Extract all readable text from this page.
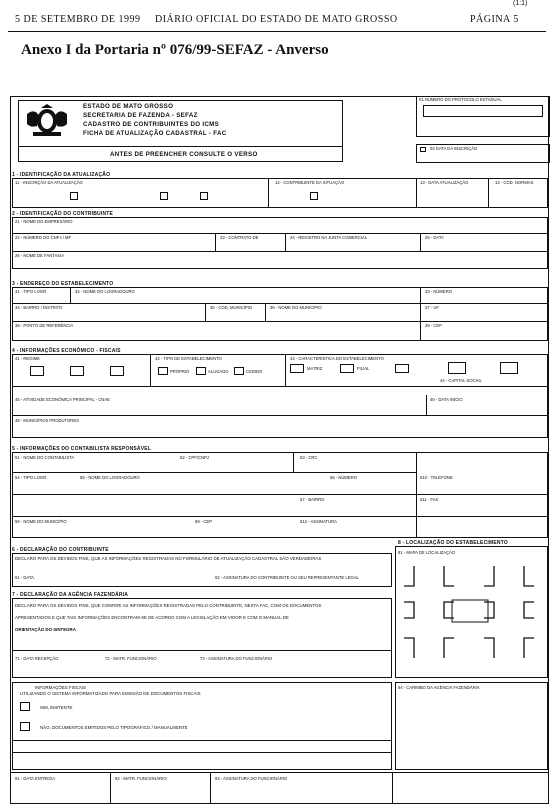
(1:1)
5 DE SETEMBRO DE 1999 DIÁRIO OFICIAL DO ESTADO DE MATO GROSSO	PÁGINA 5
Anexo I da Portaria nº 076/99-SEFAZ - Anverso
ESTADO DE MATO GROSSO
SECRETARIA DE FAZENDA - SEFAZ
CADASTRO DE CONTRIBUINTES DO ICMS
FICHA DE ATUALIZAÇÃO CADASTRAL - FAC
ANTES DE PREENCHER CONSULTE O VERSO
01 NÚMERO DO PROTOCOLO ESTADUAL
02 DATA DA INSCRIÇÃO
1 - IDENTIFICAÇÃO DA ATUALIZAÇÃO
11 - INSCRIÇÃO DA ATUALIZAÇÃO	12 - CONTRIBUINTE DA SITUAÇÃO	13 - DATA ATUALIZAÇÃO	14 - CÓD. NORMAS
2 - IDENTIFICAÇÃO DO CONTRIBUINTE
21 - NOME DO EMPRESÁRIO
22 - NÚMERO DO CNPJ / MF	23 - CONTRATO DE	24 - REGISTRO NA JUNTA COMERCIAL	25 - DATA
26 - NOME DE FANTASIA
3 - ENDEREÇO DO ESTABELECIMENTO
31 - TIPO LOGR.	32 - NOME DO LOGRADOURO	33 - NÚMERO
34 - BAIRRO / DISTRITO	35 - COD. MUNICÍPIO	36 - NOME DO MUNICÍPIO	37 - UF
38 - PONTO DE REFERÊNCIA	39 - CEP
4 - INFORMAÇÕES ECONÔMICO - FISCAIS
41 - REGIME	42 - TIPO DE ESTABELECIMENTO	43 - CARACTERÍSTICA DO ESTABELECIMENTO
PRÓPRIO	ALUGADO	CEDIDO
MATRIZ	FILIAL
44 - CAPITAL SOCIAL
45 - ATIVIDADE ECONÔMICA PRINCIPAL - CNAE	46 - DATA INÍCIO
48 - MUNICÍPIOS PRODUTORES
5 - INFORMAÇÕES DO CONTABILISTA RESPONSÁVEL
51 - NOME DO CONTABILISTA	52 - CPF/CNPJ	53 - CRC
54 - TIPO LOGR.	55 - NOME DO LOGRADOURO	56 - NÚMERO	510 - TELEFONE
57 - BAIRRO	511 - FAX
58 - NOME DO MUNICÍPIO	59 - CEP	512 - ASSINATURA
6 - DECLARAÇÃO DO CONTRIBUINTE
DECLARO PARA OS DEVIDOS FINS, QUE AS INFORMAÇÕES REGISTRADAS NO FORMULÁRIO DE ATUALIZAÇÃO CADASTRAL SÃO VERDADEIRAS
61 - DATA	62 - ASSINATURA DO CONTRIBUINTE OU SEU REPRESENTANTE LEGAL
7 - DECLARAÇÃO DA AGÊNCIA FAZENDÁRIA
DECLARO PARA OS DEVIDOS FINS, QUE CONFERI AS INFORMAÇÕES REGISTRADAS PELO CONTRIBUINTE, NESTA FAC, COM OS DOCUMENTOS
APRESENTADOS E QUE TAIS INFORMAÇÕES ENCONTRAM-SE DE ACORDO COM A LEGISLAÇÃO EM VIGOR E COM O MANUAL DE
ORIENTAÇÃO DO SINTEGRA
71 - DATA RECEPÇÃO	72 - MATR. FUNCIONÁRIO	73 - ASSINATURA DO FUNCIONÁRIO
8 - LOCALIZAÇÃO DO ESTABELECIMENTO
81 - MAPA DE LOCALIZAÇÃO
INFORMAÇÕES FISCAIS
UTILIZANDO O SISTEMA INFORMATIZADO PARA EMISSÃO DE DOCUMENTOS FISCAIS
SIM, EMITENTE
NÃO, DOCUMENTOS EMITIDOS PELO TIPOGRÁFICO / MANUALMENTE
94 - CARIMBO DA AGÊNCIA FAZENDÁRIA
91 - DATA ENTREGA	92 - MATR. FUNCIONÁRIO	93 - ASSINATURA DO FUNCIONÁRIO
